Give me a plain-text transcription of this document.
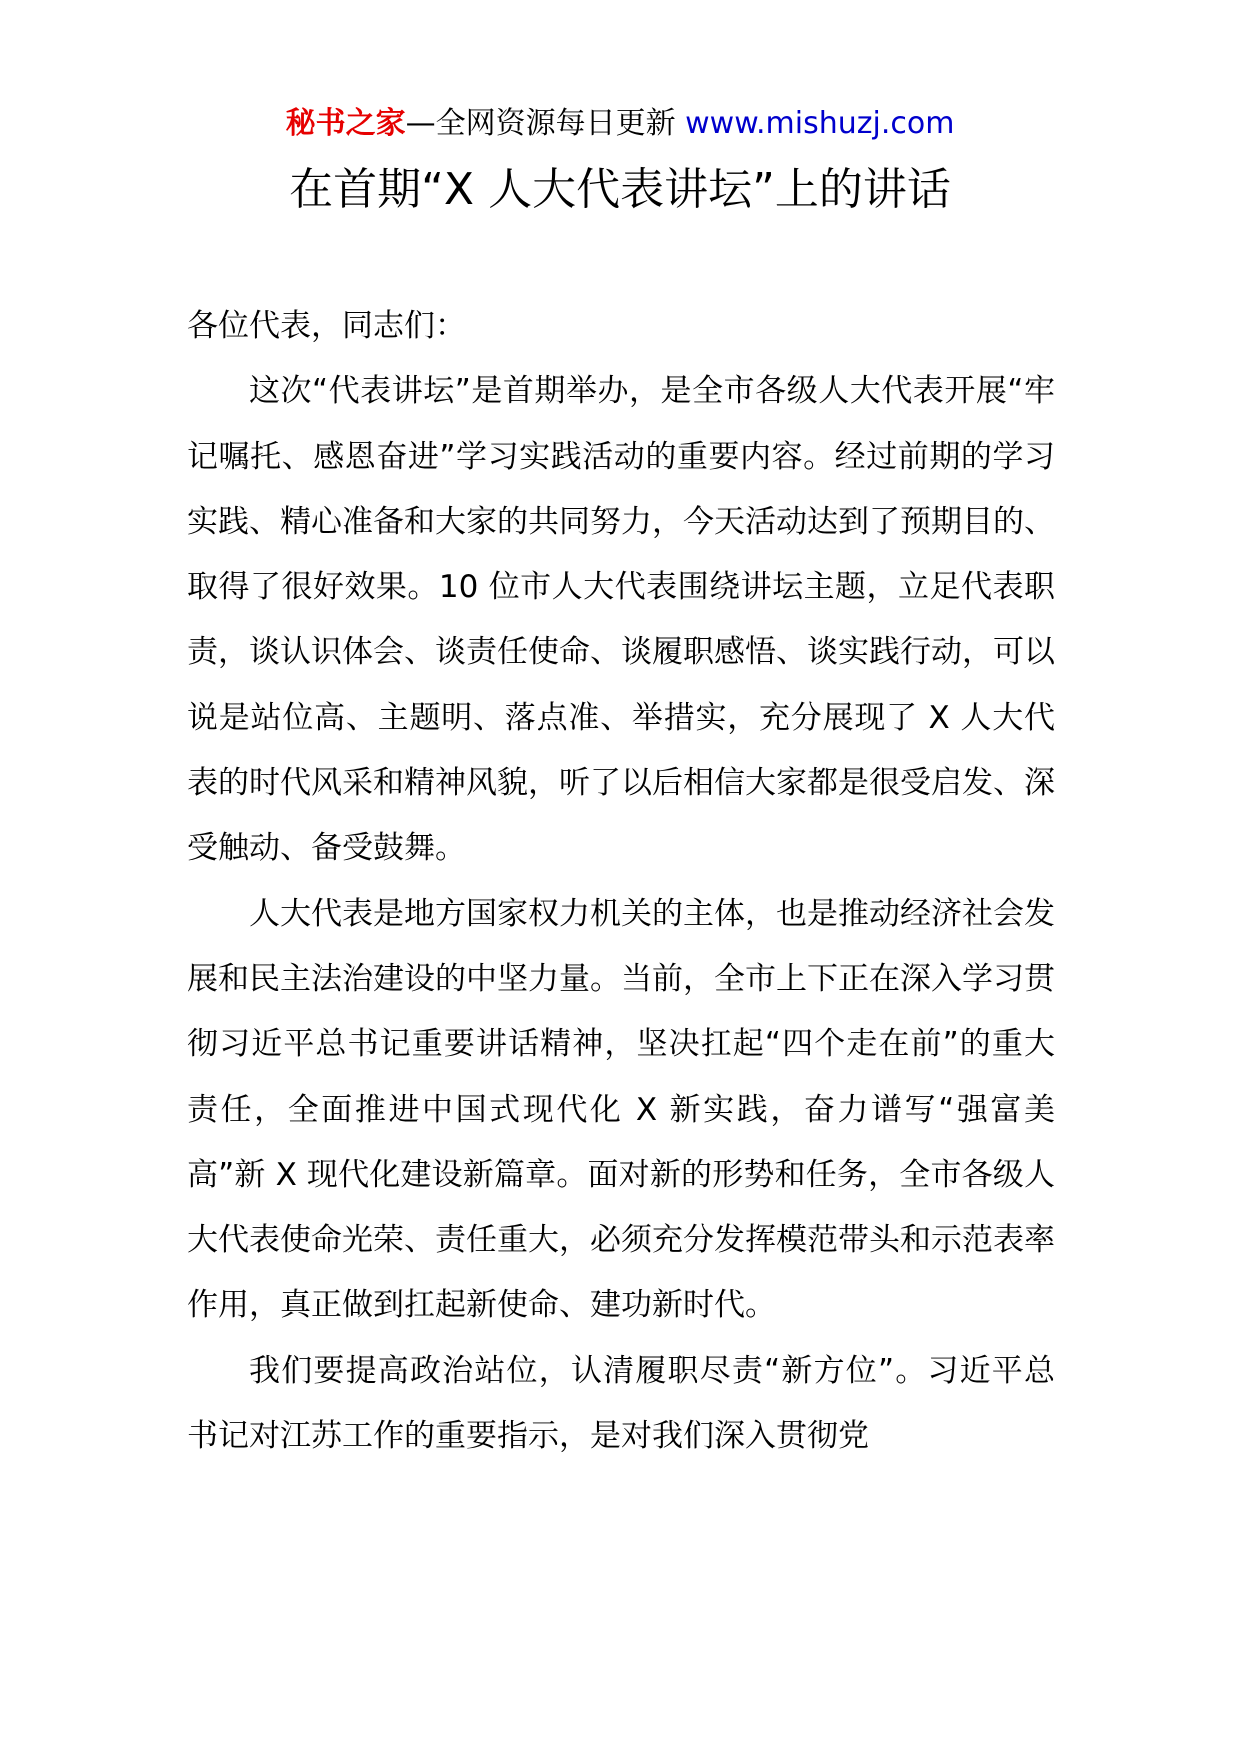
秘书之家—全网资源每日更新 www.mishuzj.com
在首期“X 人大代表讲坛”上的讲话

各位代表，同志们：

这次“代表讲坛”是首期举办，是全市各级人大代表开展“牢记嘱托、感恩奋进”学习实践活动的重要内容。经过前期的学习实践、精心准备和大家的共同努力，今天活动达到了预期目的、取得了很好效果。10 位市人大代表围绕讲坛主题，立足代表职责，谈认识体会、谈责任使命、谈履职感悟、谈实践行动，可以说是站位高、主题明、落点准、举措实，充分展现了 X 人大代表的时代风采和精神风貌，听了以后相信大家都是很受启发、深受触动、备受鼓舞。

人大代表是地方国家权力机关的主体，也是推动经济社会发展和民主法治建设的中坚力量。当前，全市上下正在深入学习贯彻习近平总书记重要讲话精神，坚决扛起“四个走在前”的重大责任，全面推进中国式现代化 X 新实践，奋力谱写“强富美高”新 X 现代化建设新篇章。面对新的形势和任务，全市各级人大代表使命光荣、责任重大，必须充分发挥模范带头和示范表率作用，真正做到扛起新使命、建功新时代。

我们要提高政治站位，认清履职尽责“新方位”。习近平总书记对江苏工作的重要指示，是对我们深入贯彻党
